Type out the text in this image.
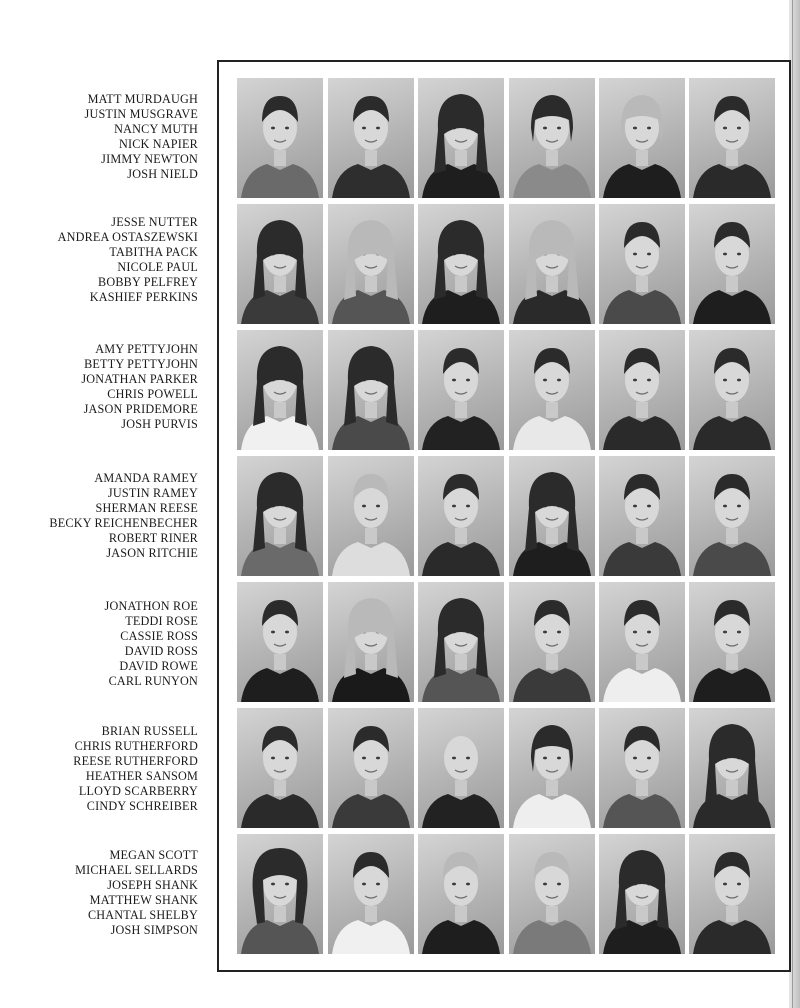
MATT MURDAUGH
JUSTIN MUSGRAVE
NANCY MUTH
NICK NAPIER
JIMMY NEWTON
JOSH NIELD
JESSE NUTTER
ANDREA OSTASZEWSKI
TABITHA PACK
NICOLE PAUL
BOBBY PELFREY
KASHIEF PERKINS
AMY PETTYJOHN
BETTY PETTYJOHN
JONATHAN PARKER
CHRIS POWELL
JASON PRIDEMORE
JOSH PURVIS
AMANDA RAMEY
JUSTIN RAMEY
SHERMAN REESE
BECKY REICHENBECHER
ROBERT RINER
JASON RITCHIE
JONATHON ROE
TEDDI ROSE
CASSIE ROSS
DAVID ROSS
DAVID ROWE
CARL RUNYON
BRIAN RUSSELL
CHRIS RUTHERFORD
REESE RUTHERFORD
HEATHER SANSOM
LLOYD SCARBERRY
CINDY SCHREIBER
MEGAN SCOTT
MICHAEL SELLARDS
JOSEPH SHANK
MATTHEW SHANK
CHANTAL SHELBY
JOSH SIMPSON
